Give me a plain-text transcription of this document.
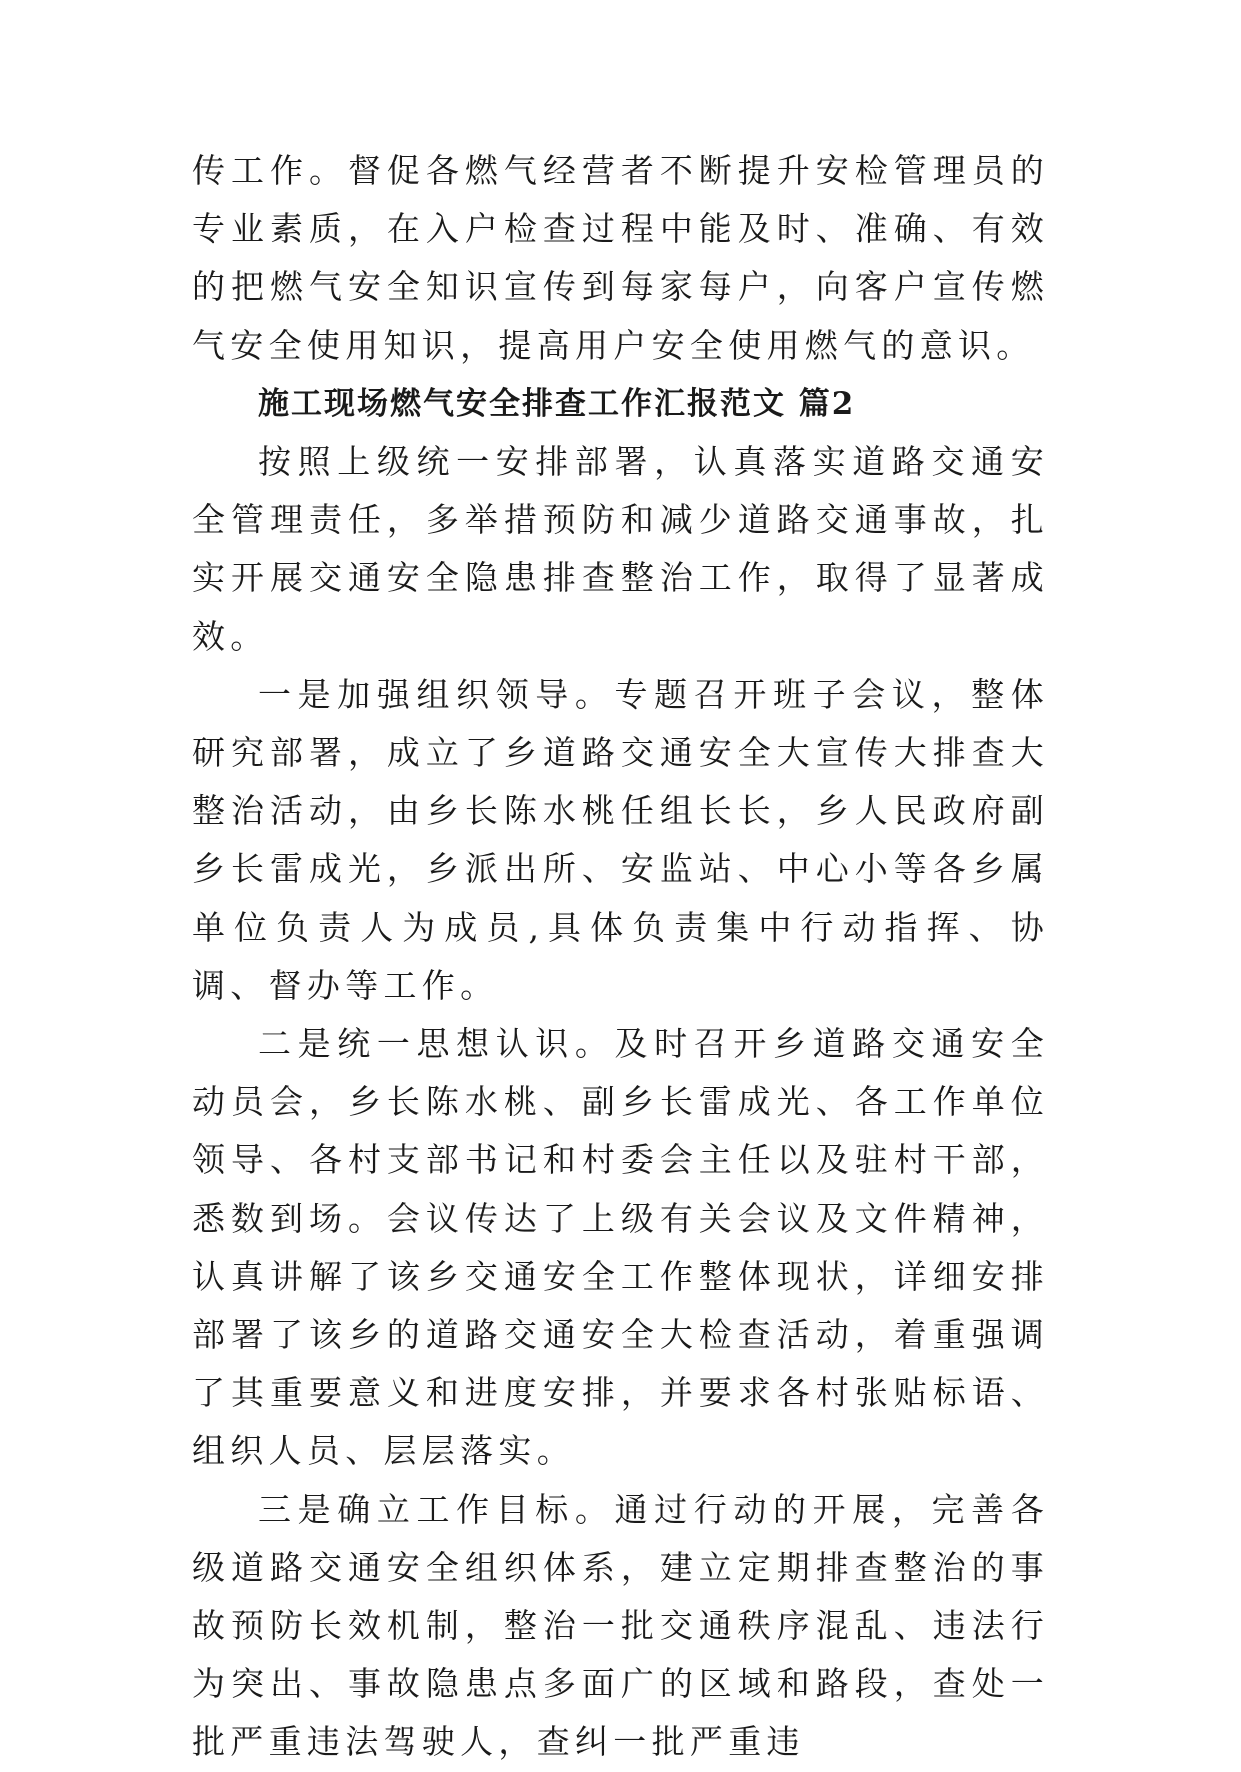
传工作。督促各燃气经营者不断提升安检管理员的专业素质，在入户检查过程中能及时、准确、有效的把燃气安全知识宣传到每家每户，向客户宣传燃气安全使用知识，提高用户安全使用燃气的意识。

施工现场燃气安全排查工作汇报范文 篇2

按照上级统一安排部署，认真落实道路交通安全管理责任，多举措预防和减少道路交通事故，扎实开展交通安全隐患排查整治工作，取得了显著成效。

一是加强组织领导。专题召开班子会议，整体研究部署，成立了乡道路交通安全大宣传大排查大整治活动，由乡长陈水桃任组长长，乡人民政府副乡长雷成光，乡派出所、安监站、中心小等各乡属单位负责人为成员,具体负责集中行动指挥、协调、督办等工作。

二是统一思想认识。及时召开乡道路交通安全动员会，乡长陈水桃、副乡长雷成光、各工作单位领导、各村支部书记和村委会主任以及驻村干部，悉数到场。会议传达了上级有关会议及文件精神，认真讲解了该乡交通安全工作整体现状，详细安排部署了该乡的道路交通安全大检查活动，着重强调了其重要意义和进度安排，并要求各村张贴标语、组织人员、层层落实。

三是确立工作目标。通过行动的开展，完善各级道路交通安全组织体系，建立定期排查整治的事故预防长效机制，整治一批交通秩序混乱、违法行为突出、事故隐患点多面广的区域和路段，查处一批严重违法驾驶人，查纠一批严重违
